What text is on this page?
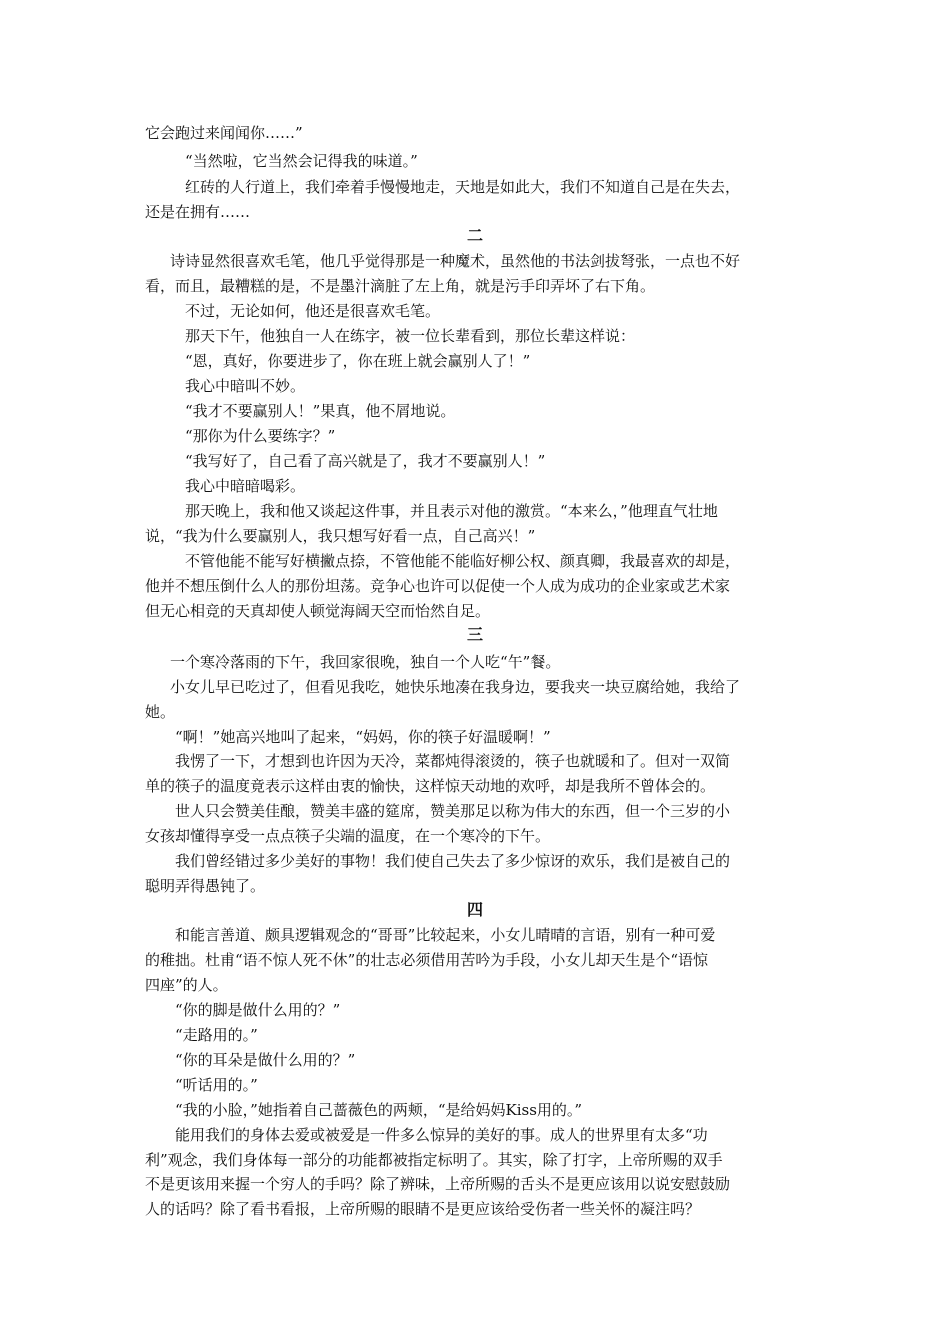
它会跑过来闻闻你……”
“当然啦，它当然会记得我的味道。”
红砖的人行道上，我们牵着手慢慢地走，天地是如此大，我们不知道自己是在失去，
还是在拥有……
二
诗诗显然很喜欢毛笔，他几乎觉得那是一种魔术，虽然他的书法剑拔弩张，一点也不好
看，而且，最糟糕的是，不是墨汁滴脏了左上角，就是污手印弄坏了右下角。
不过，无论如何，他还是很喜欢毛笔。
那天下午，他独自一人在练字，被一位长辈看到，那位长辈这样说：
“恩，真好，你要进步了，你在班上就会赢别人了！”
我心中暗叫不妙。
“我才不要赢别人！”果真，他不屑地说。
“那你为什么要练字？”
“我写好了，自己看了高兴就是了，我才不要赢别人！”
我心中暗暗喝彩。
那天晚上，我和他又谈起这件事，并且表示对他的激赏。“本来么，”他理直气壮地
说，“我为什么要赢别人，我只想写好看一点，自己高兴！”
不管他能不能写好横撇点捺，不管他能不能临好柳公权、颜真卿，我最喜欢的却是，
他并不想压倒什么人的那份坦荡。竞争心也许可以促使一个人成为成功的企业家或艺术家
但无心相竞的天真却使人顿觉海阔天空而怡然自足。
三
一个寒冷落雨的下午，我回家很晚，独自一个人吃“午”餐。
小女儿早已吃过了，但看见我吃，她快乐地凑在我身边，要我夹一块豆腐给她，我给了
她。
“啊！”她高兴地叫了起来，“妈妈，你的筷子好温暖啊！”
我愣了一下，才想到也许因为天冷，菜都炖得滚烫的，筷子也就暖和了。但对一双简
单的筷子的温度竟表示这样由衷的愉快，这样惊天动地的欢呼，却是我所不曾体会的。
世人只会赞美佳酿，赞美丰盛的筵席，赞美那足以称为伟大的东西，但一个三岁的小
女孩却懂得享受一点点筷子尖端的温度，在一个寒冷的下午。
我们曾经错过多少美好的事物！我们使自己失去了多少惊讶的欢乐，我们是被自己的
聪明弄得愚钝了。
四
和能言善道、颇具逻辑观念的“哥哥”比较起来，小女儿晴晴的言语，别有一种可爱
的稚拙。杜甫“语不惊人死不休”的壮志必须借用苦吟为手段，小女儿却天生是个“语惊
四座”的人。
“你的脚是做什么用的？”
“走路用的。”
“你的耳朵是做什么用的？”
“听话用的。”
“我的小脸，”她指着自己蔷薇色的两颊，“是给妈妈Kiss用的。”
能用我们的身体去爱或被爱是一件多么惊异的美好的事。成人的世界里有太多“功
利”观念，我们身体每一部分的功能都被指定标明了。其实，除了打字，上帝所赐的双手
不是更该用来握一个穷人的手吗？除了辨味，上帝所赐的舌头不是更应该用以说安慰鼓励
人的话吗？除了看书看报，上帝所赐的眼睛不是更应该给受伤者一些关怀的凝注吗？
